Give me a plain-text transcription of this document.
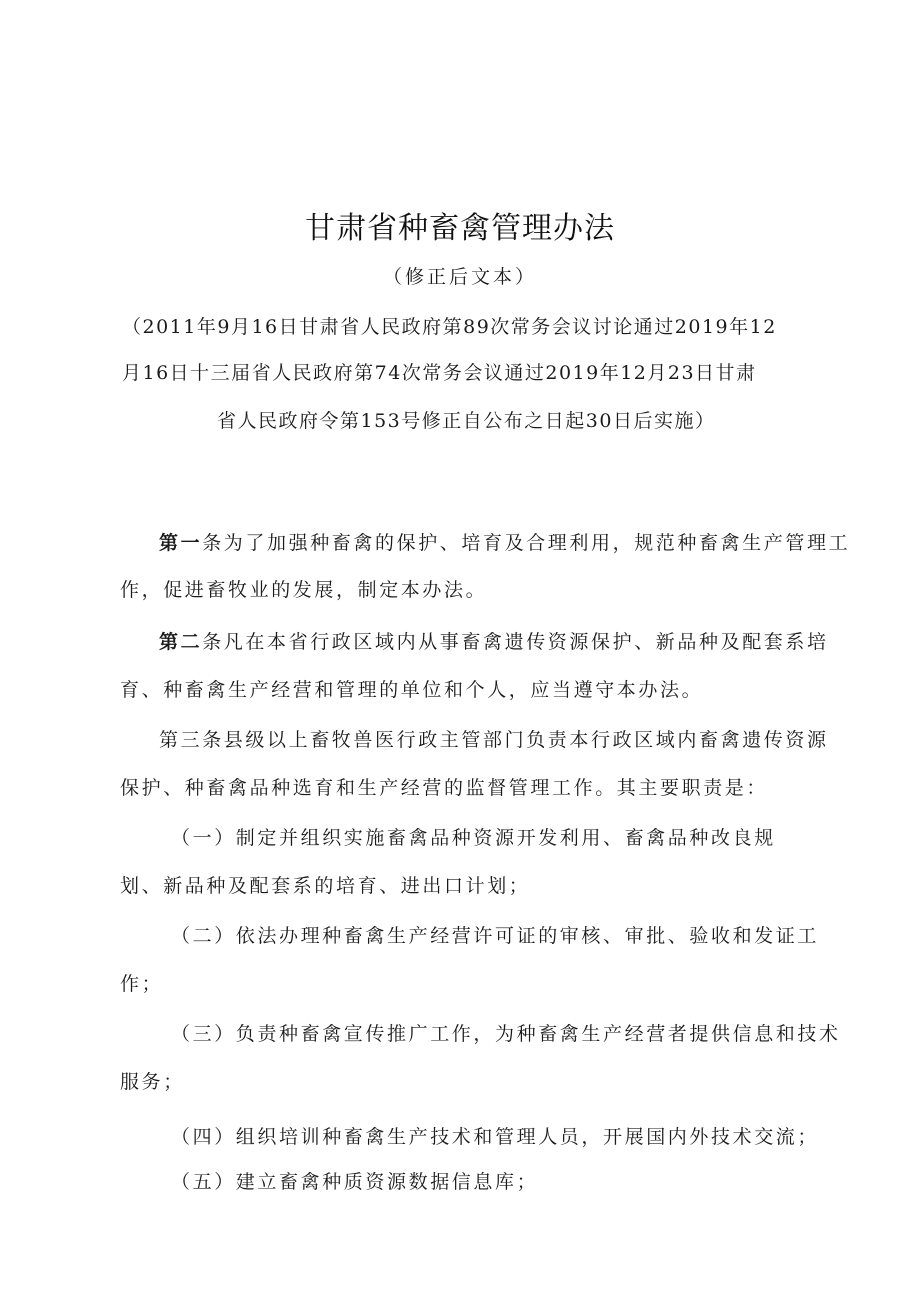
甘肃省种畜禽管理办法
（修正后文本）
（2011年9月16日甘肃省人民政府第89次常务会议讨论通过2019年12
月16日十三届省人民政府第74次常务会议通过2019年12月23日甘肃
省人民政府令第153号修正自公布之日起30日后实施）
第一条为了加强种畜禽的保护、培育及合理利用，规范种畜禽生产管理工
作，促进畜牧业的发展，制定本办法。
第二条凡在本省行政区域内从事畜禽遗传资源保护、新品种及配套系培
育、种畜禽生产经营和管理的单位和个人，应当遵守本办法。
第三条县级以上畜牧兽医行政主管部门负责本行政区域内畜禽遗传资源
保护、种畜禽品种选育和生产经营的监督管理工作。其主要职责是：
（一）制定并组织实施畜禽品种资源开发利用、畜禽品种改良规
划、新品种及配套系的培育、进出口计划；
（二）依法办理种畜禽生产经营许可证的审核、审批、验收和发证工
作；
（三）负责种畜禽宣传推广工作，为种畜禽生产经营者提供信息和技术
服务；
（四）组织培训种畜禽生产技术和管理人员，开展国内外技术交流；
（五）建立畜禽种质资源数据信息库；
